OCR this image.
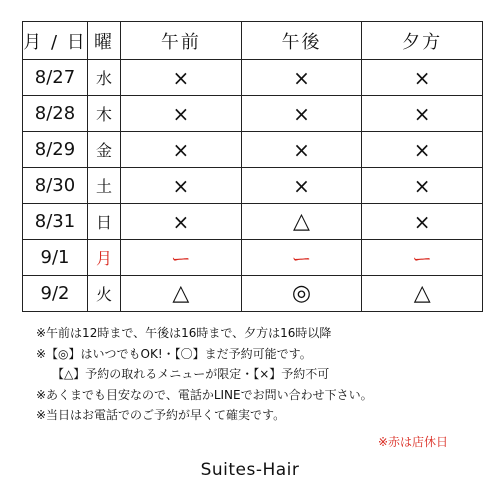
月 / 日	曜	午前	午後	夕方
8/27	水	×	×	×
8/28	木	×	×	×
8/29	金	×	×	×
8/30	土	×	×	×
8/31	日	×	△	×
9/1	月	ー	ー	ー
9/2	火	△	◎	△
※午前は12時まで、午後は16時まで、夕方は16時以降
※【◎】はいつでもOK!・【〇】まだ予約可能です。
【△】予約の取れるメニューが限定・【×】予約不可
※あくまでも目安なので、電話かLINEでお問い合わせ下さい。
※当日はお電話でのご予約が早くて確実です。
※赤は店休日
Suites-Hair
